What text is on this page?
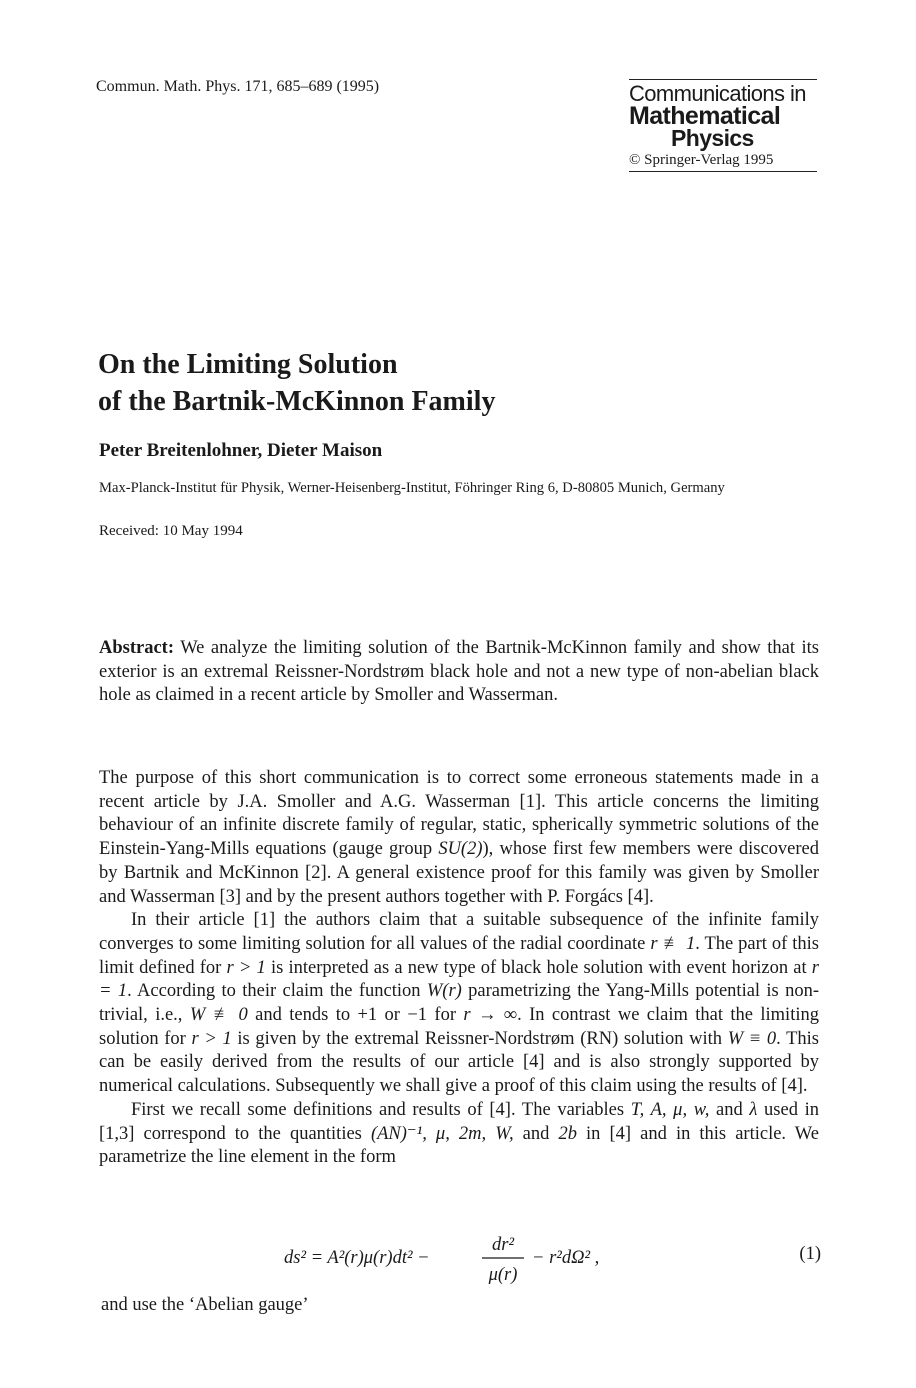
Commun. Math. Phys. 171, 685–689 (1995)	Communications in
Mathematical
Physics
© Springer-Verlag 1995
On the Limiting Solution
of the Bartnik-McKinnon Family
Peter Breitenlohner, Dieter Maison
Max-Planck-Institut für Physik, Werner-Heisenberg-Institut, Föhringer Ring 6, D-80805 Munich, Germany
Received: 10 May 1994
Abstract: We analyze the limiting solution of the Bartnik-McKinnon family and show that its exterior is an extremal Reissner-Nordstrøm black hole and not a new type of non-abelian black hole as claimed in a recent article by Smoller and Wasserman.

The purpose of this short communication is to correct some erroneous statements made in a recent article by J.A. Smoller and A.G. Wasserman [1]. This article concerns the limiting behaviour of an infinite discrete family of regular, static, spherically symmetric solutions of the Einstein-Yang-Mills equations (gauge group SU(2)), whose first few members were discovered by Bartnik and McKinnon [2]. A general existence proof for this family was given by Smoller and Wasserman [3] and by the present authors together with P. Forgács [4].

In their article [1] the authors claim that a suitable subsequence of the infinite family converges to some limiting solution for all values of the radial coordinate r ≢ 1. The part of this limit defined for r > 1 is interpreted as a new type of black hole solution with event horizon at r = 1. According to their claim the function W(r) parametrizing the Yang-Mills potential is non-trivial, i.e., W ≢ 0 and tends to +1 or −1 for r → ∞. In contrast we claim that the limiting solution for r > 1 is given by the extremal Reissner-Nordstrøm (RN) solution with W ≡ 0. This can be easily derived from the results of our article [4] and is also strongly supported by numerical calculations. Subsequently we shall give a proof of this claim using the results of [4].

First we recall some definitions and results of [4]. The variables T, A, μ, w, and λ used in [1,3] correspond to the quantities (AN)⁻¹, μ, 2m, W, and 2b in [4] and in this article. We parametrize the line element in the form

ds² = A²(r)μ(r)dt² −
dr²
μ(r)
− r²dΩ² ,	(1)
and use the ‘Abelian gauge’
